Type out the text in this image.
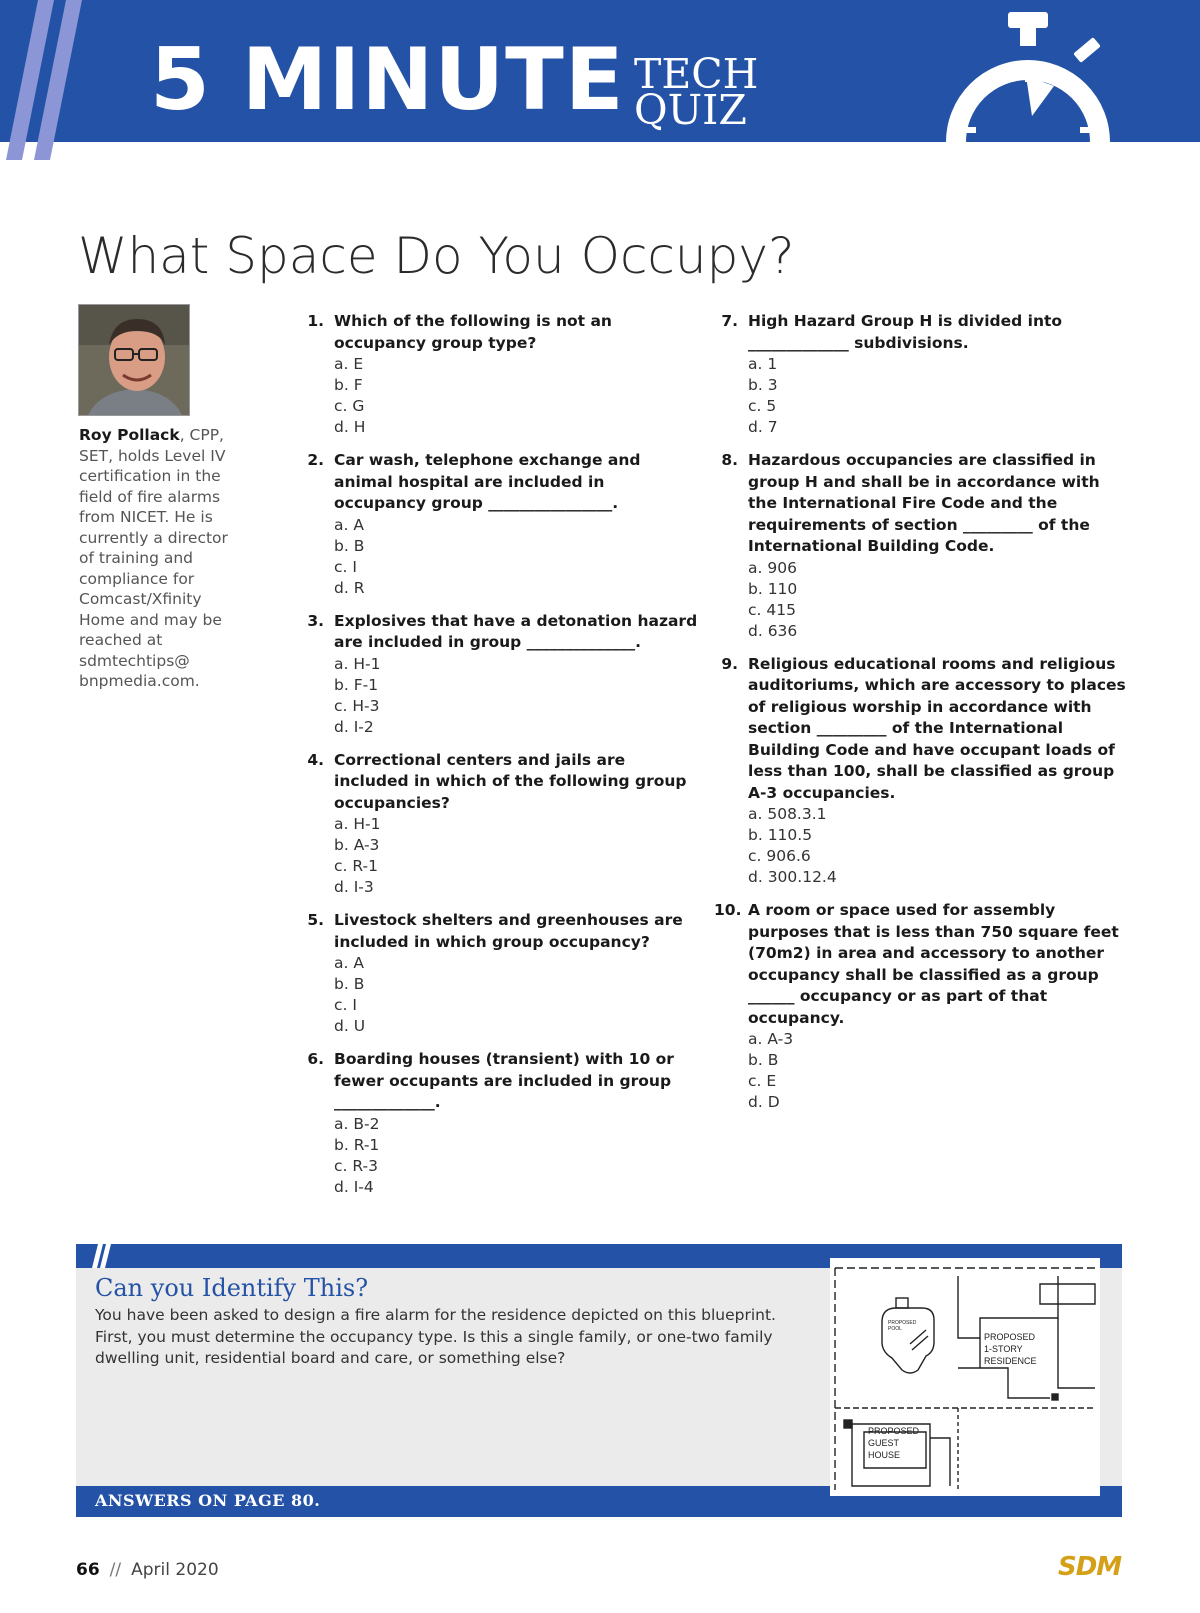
5 MINUTE TECH
QUIZ
What Space Do You Occupy?
Roy Pollack, CPP, SET, holds Level IV certification in the field of fire alarms from NICET. He is currently a director of training and compliance for Comcast/Xfinity Home and may be reached at sdmtechtips@ bnpmedia.com.
1. Which of the following is not an occupancy group type?
a. E
b. F
c. G
d. H
2. Car wash, telephone exchange and animal hospital are included in occupancy group ________________.
a. A
b. B
c. I
d. R
3. Explosives that have a detonation hazard are included in group ______________.
a. H-1
b. F-1
c. H-3
d. I-2
4. Correctional centers and jails are included in which of the following group occupancies?
a. H-1
b. A-3
c. R-1
d. I-3
5. Livestock shelters and greenhouses are included in which group occupancy?
a. A
b. B
c. I
d. U
6. Boarding houses (transient) with 10 or fewer occupants are included in group _____________.
a. B-2
b. R-1
c. R-3
d. I-4
7. High Hazard Group H is divided into _____________ subdivisions.
a. 1
b. 3
c. 5
d. 7
8. Hazardous occupancies are classified in group H and shall be in accordance with the International Fire Code and the requirements of section _________ of the International Building Code.
a. 906
b. 110
c. 415
d. 636
9. Religious educational rooms and religious auditoriums, which are accessory to places of religious worship in accordance with section _________ of the International Building Code and have occupant loads of less than 100, shall be classified as group A-3 occupancies.
a. 508.3.1
b. 110.5
c. 906.6
d. 300.12.4
10. A room or space used for assembly purposes that is less than 750 square feet (70m2) in area and accessory to another occupancy shall be classified as a group ______ occupancy or as part of that occupancy.
a. A-3
b. B
c. E
d. D
Can you Identify This?
You have been asked to design a fire alarm for the residence depicted on this blueprint. First, you must determine the occupancy type. Is this a single family, or one-two family dwelling unit, residential board and care, or something else?
ANSWERS ON PAGE 80.
PROPOSED
1-STORY
RESIDENCE
PROPOSED
GUEST
HOUSE
PROPOSED
POOL
66 // April 2020	SDM
